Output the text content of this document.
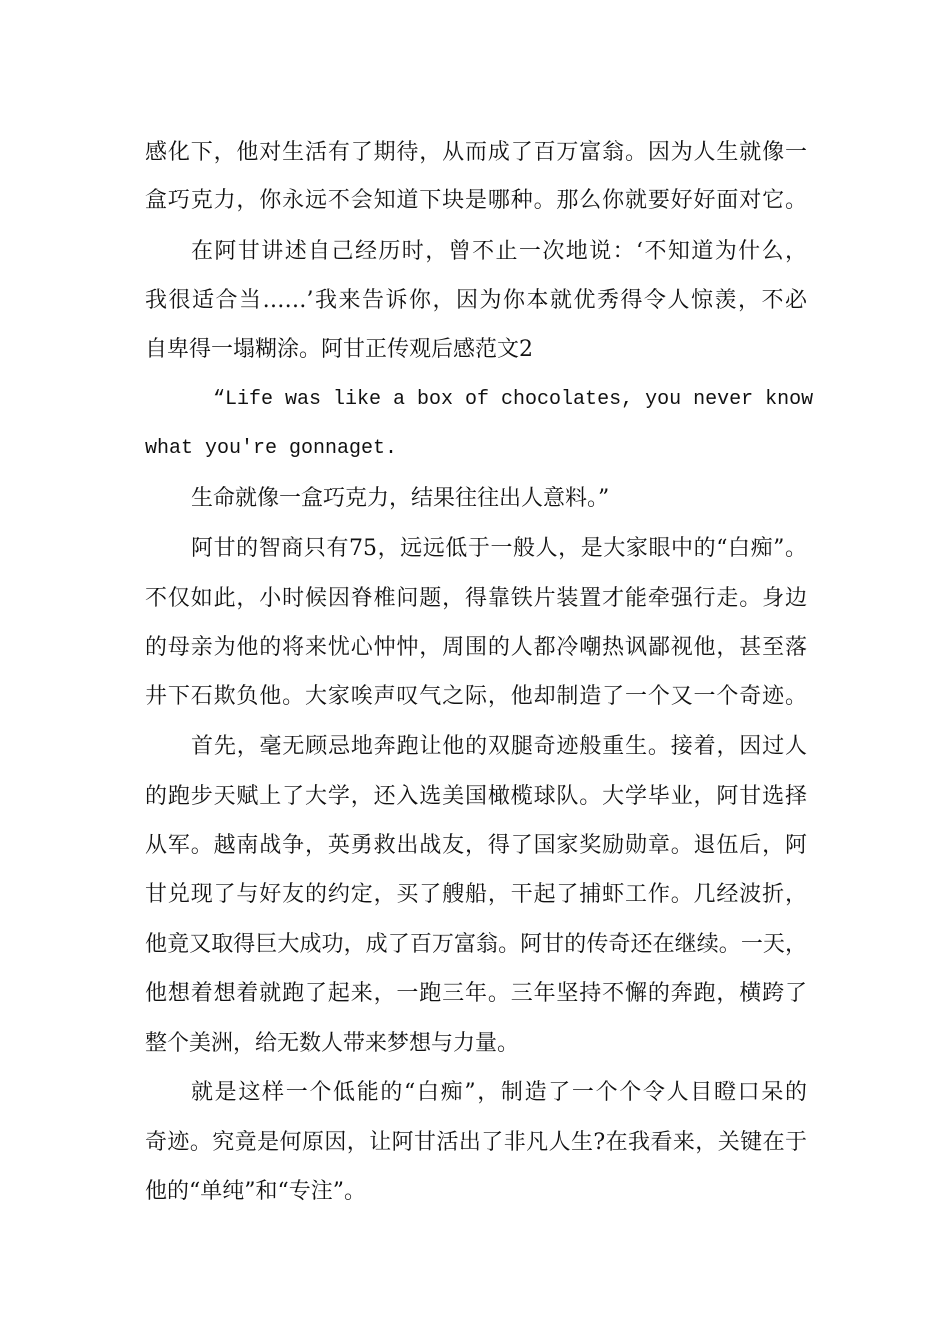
感化下，他对生活有了期待，从而成了百万富翁。因为人生就像一
盒巧克力，你永远不会知道下块是哪种。那么你就要好好面对它。
在阿甘讲述自己经历时，曾不止一次地说：‘不知道为什么，
我很适合当……’我来告诉你，因为你本就优秀得令人惊羡，不必
自卑得一塌糊涂。阿甘正传观后感范文2
“Life was like a box of chocolates, you never know
what you're gonnaget.
生命就像一盒巧克力，结果往往出人意料。”
阿甘的智商只有75，远远低于一般人，是大家眼中的“白痴”。
不仅如此，小时候因脊椎问题，得靠铁片装置才能牵强行走。身边
的母亲为他的将来忧心忡忡，周围的人都冷嘲热讽鄙视他，甚至落
井下石欺负他。大家唉声叹气之际，他却制造了一个又一个奇迹。
首先，毫无顾忌地奔跑让他的双腿奇迹般重生。接着，因过人
的跑步天赋上了大学，还入选美国橄榄球队。大学毕业，阿甘选择
从军。越南战争，英勇救出战友，得了国家奖励勋章。退伍后，阿
甘兑现了与好友的约定，买了艘船，干起了捕虾工作。几经波折，
他竟又取得巨大成功，成了百万富翁。阿甘的传奇还在继续。一天，
他想着想着就跑了起来，一跑三年。三年坚持不懈的奔跑，横跨了
整个美洲，给无数人带来梦想与力量。
就是这样一个低能的“白痴”，制造了一个个令人目瞪口呆的
奇迹。究竟是何原因，让阿甘活出了非凡人生?在我看来，关键在于
他的“单纯”和“专注”。
